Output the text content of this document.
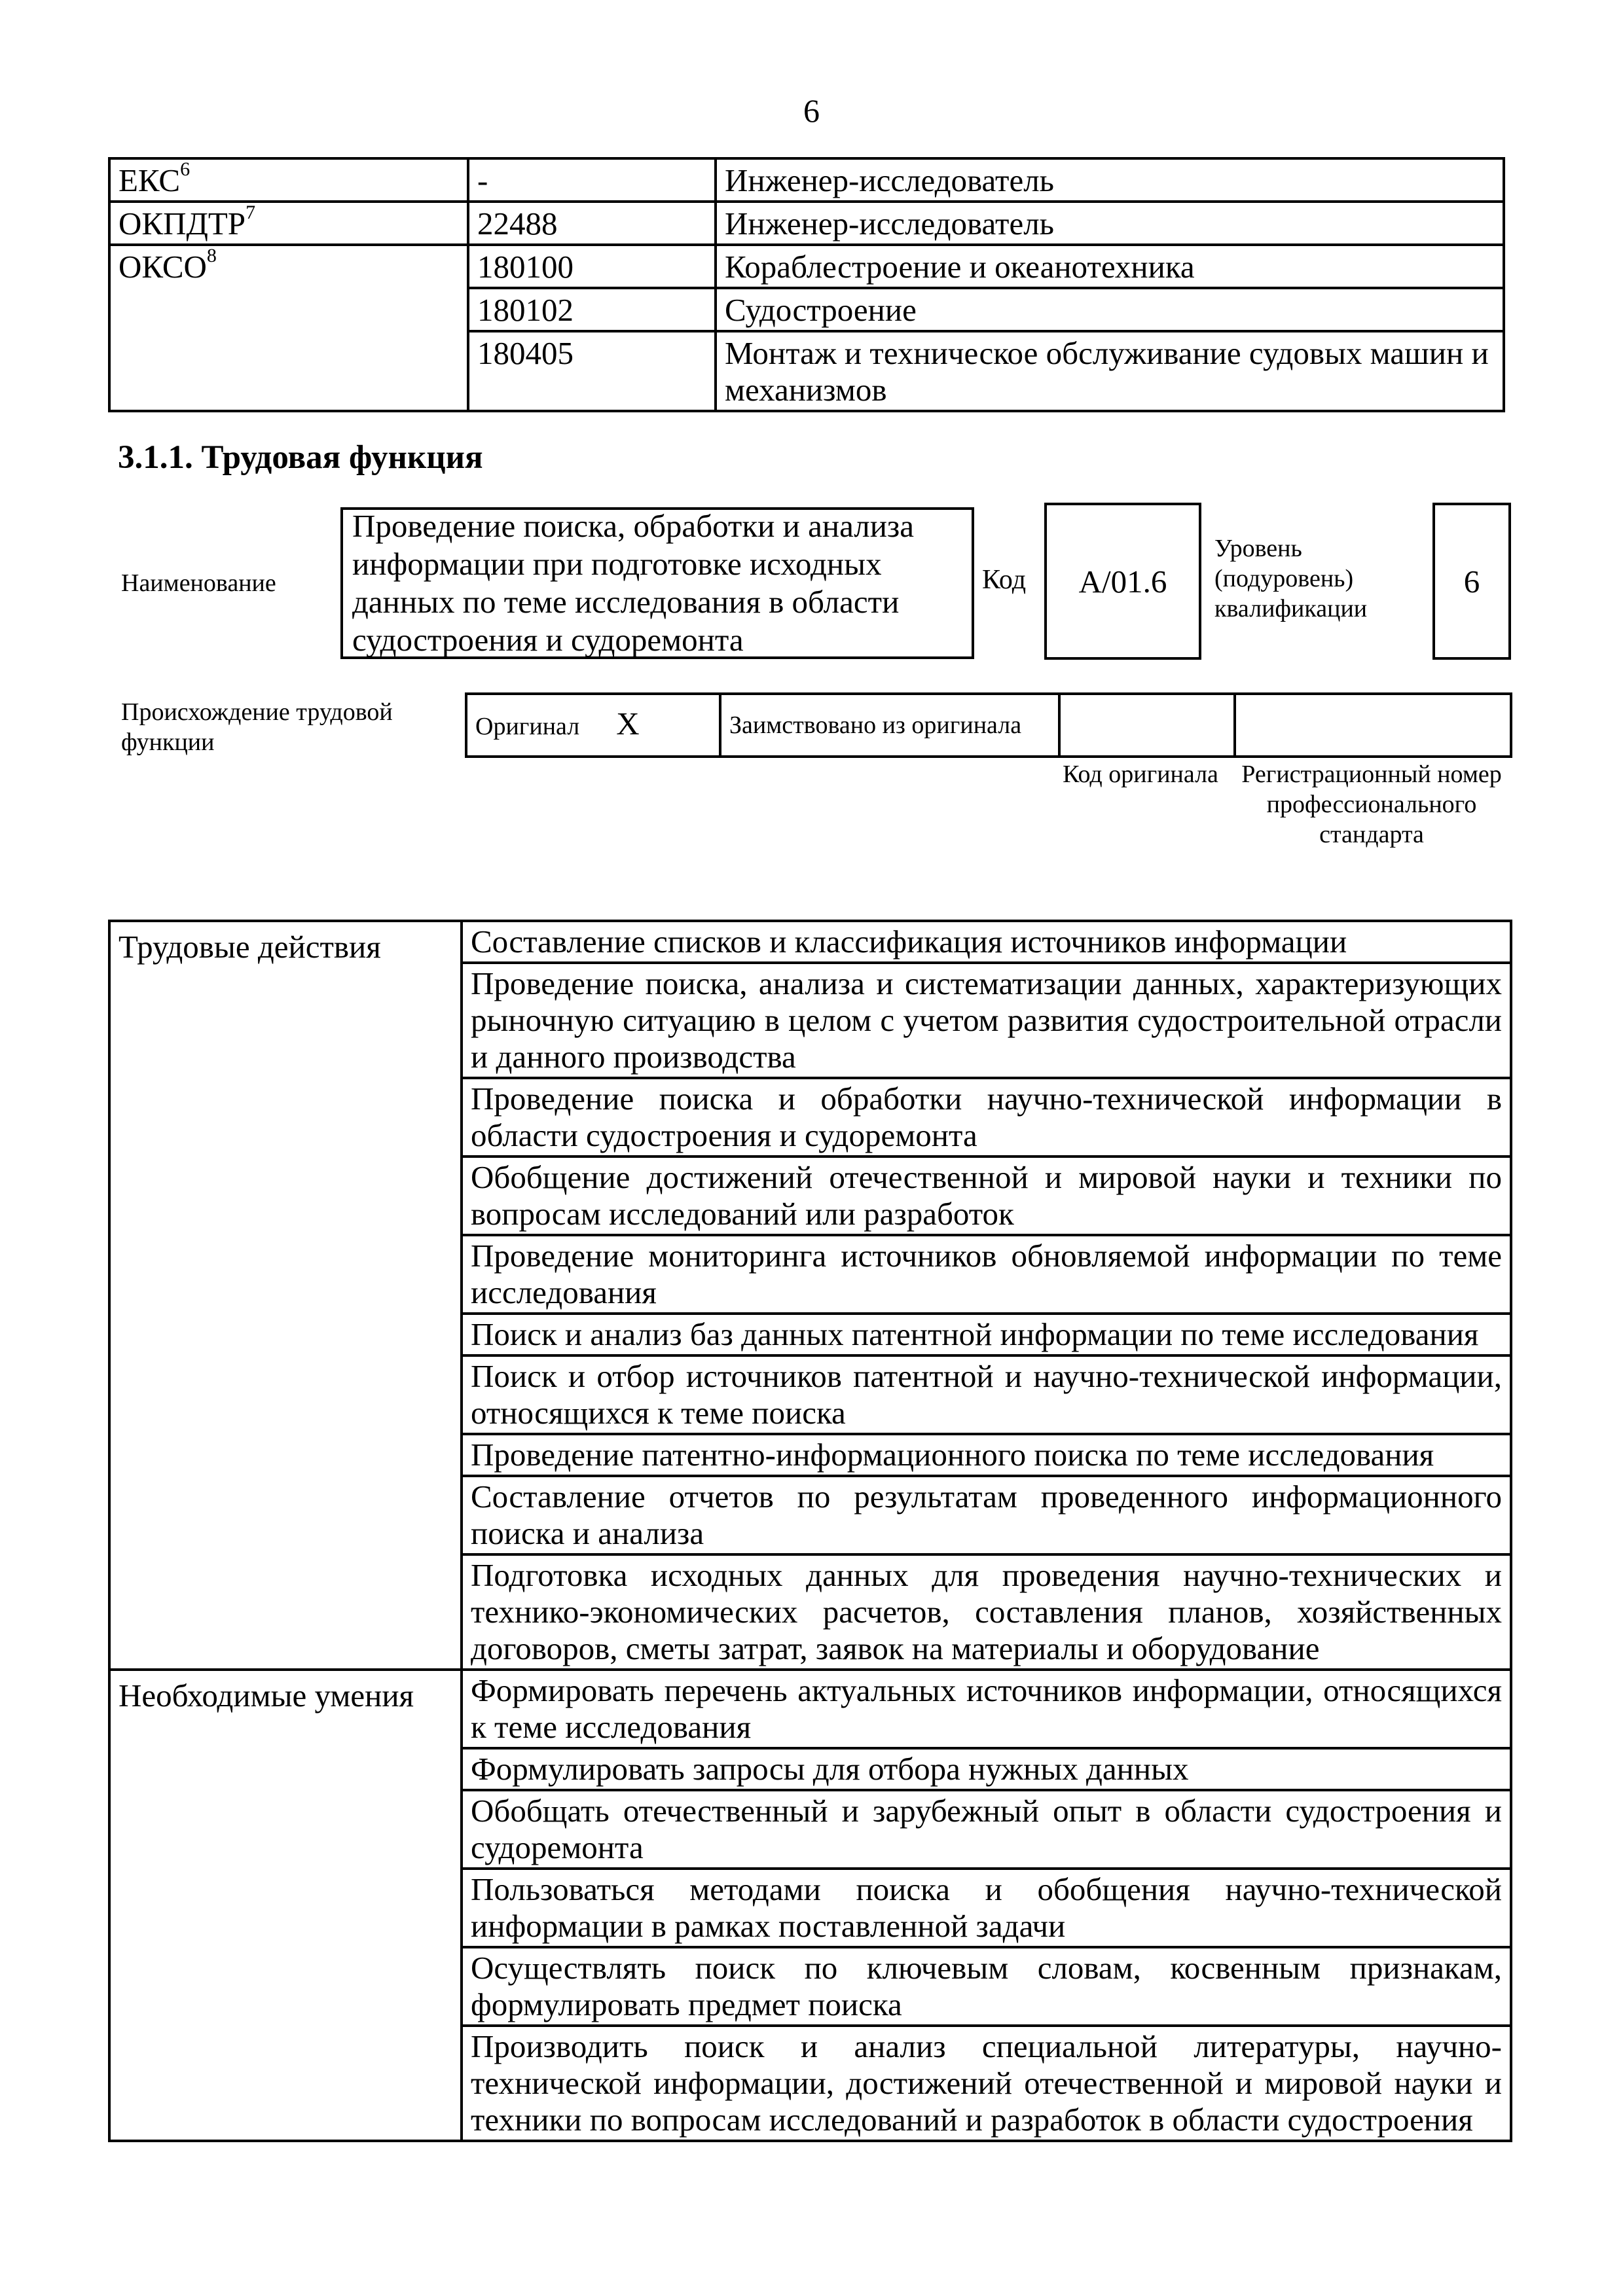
6
ЕКС$^6$	-	Инженер-исследователь
ОКПДТР$^7$	22488	Инженер-исследователь
ОКСО$^8$	180100	Кораблестроение и океанотехника
	180102	Судостроение
	180405	Монтаж и техническое обслуживание судовых машин и механизмов
3.1.1. Трудовая функция
Наименование
Проведение поиска, обработки и анализа информации при подготовке исходных данных по теме исследования в области судостроения и судоремонта
Код A/01.6
Уровень (подуровень) квалификации
6
Происхождение трудовой функции
Оригинал X	Заимствовано из оригинала		
Код оригинала Регистрационный номер профессионального стандарта
Трудовые действия	Составление списков и классификация источников информации
	Проведение поиска, анализа и систематизации данных, характеризующих рыночную ситуацию в целом с учетом развития судостроительной отрасли и данного производства
	Проведение поиска и обработки научно-технической информации в области судостроения и судоремонта
	Обобщение достижений отечественной и мировой науки и техники по вопросам исследований или разработок
	Проведение мониторинга источников обновляемой информации по теме исследования
	Поиск и анализ баз данных патентной информации по теме исследования
	Поиск и отбор источников патентной и научно-технической информации, относящихся к теме поиска
	Проведение патентно-информационного поиска по теме исследования
	Составление отчетов по результатам проведенного информационного поиска и анализа
	Подготовка исходных данных для проведения научно-технических и технико-экономических расчетов, составления планов, хозяйственных договоров, сметы затрат, заявок на материалы и оборудование
Необходимые умения	Формировать перечень актуальных источников информации, относящихся к теме исследования
	Формулировать запросы для отбора нужных данных
	Обобщать отечественный и зарубежный опыт в области судостроения и судоремонта
	Пользоваться методами поиска и обобщения научно-технической информации в рамках поставленной задачи
	Осуществлять поиск по ключевым словам, косвенным признакам, формулировать предмет поиска
	Производить поиск и анализ специальной литературы, научно-технической информации, достижений отечественной и мировой науки и техники по вопросам исследований и разработок в области судостроения
